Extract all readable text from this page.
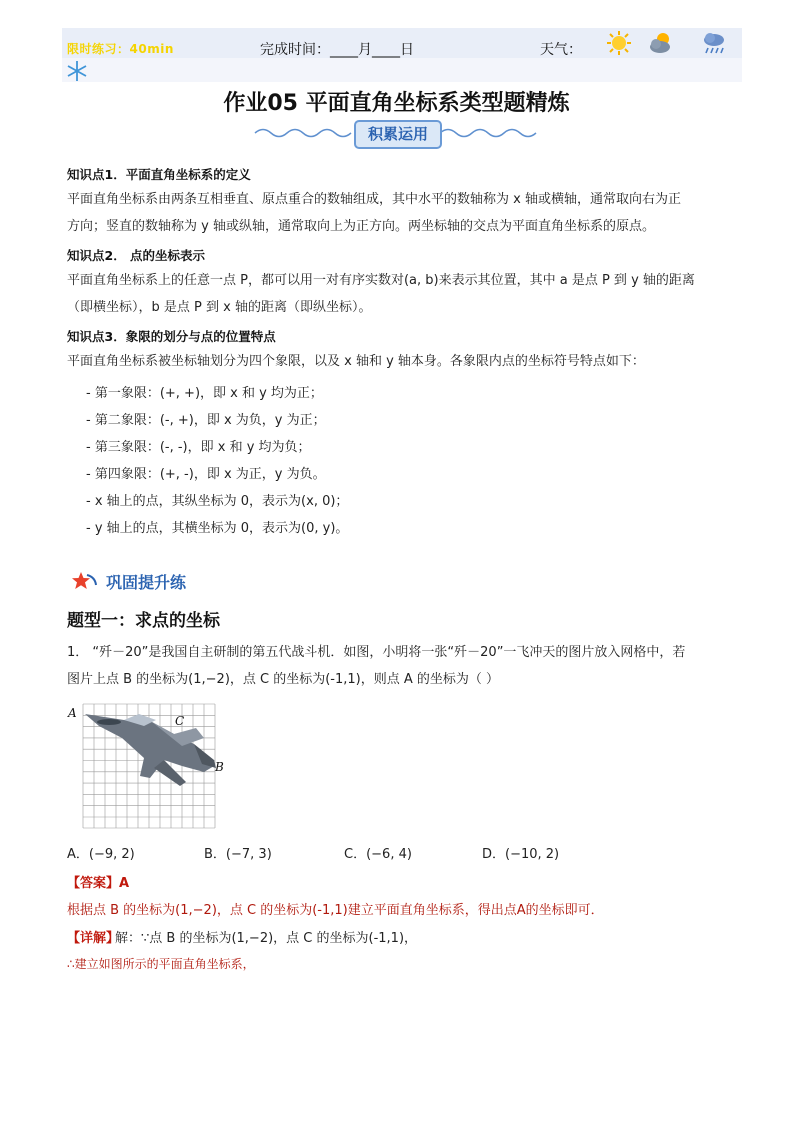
限时练习：40min	完成时间：____月____日	天气：
作业05 平面直角坐标系类型题精炼
积累运用
知识点1．平面直角坐标系的定义
平面直角坐标系由两条互相垂直、原点重合的数轴组成，其中水平的数轴称为 x 轴或横轴，通常取向右为正
方向；竖直的数轴称为 y 轴或纵轴，通常取向上为正方向。两坐标轴的交点为平面直角坐标系的原点。
知识点2． 点的坐标表示
平面直角坐标系上的任意一点 P，都可以用一对有序实数对(a, b)来表示其位置，其中 a 是点 P 到 y 轴的距离
（即横坐标），b 是点 P 到 x 轴的距离（即纵坐标）。
知识点3．象限的划分与点的位置特点
平面直角坐标系被坐标轴划分为四个象限，以及 x 轴和 y 轴本身。各象限内点的坐标符号特点如下：
- 第一象限：(+, +)，即 x 和 y 均为正；
- 第二象限：(-, +)，即 x 为负，y 为正；
- 第三象限：(-, -)，即 x 和 y 均为负；
- 第四象限：(+, -)，即 x 为正，y 为负。
- x 轴上的点，其纵坐标为 0，表示为(x, 0)；
- y 轴上的点，其横坐标为 0，表示为(0, y)。
巩固提升练
题型一：求点的坐标
1． “歼－20”是我国自主研制的第五代战斗机．如图，小明将一张“歼－20”一飞冲天的图片放入网格中，若
图片上点 B 的坐标为(1,−2)，点 C 的坐标为(-1,1)，则点 A 的坐标为（ ）
A
C
B
A．(−9, 2)	B．(−7, 3)	C．(−6, 4)	D．(−10, 2)
【答案】A
根据点 B 的坐标为(1,−2)，点 C 的坐标为(-1,1)建立平面直角坐标系，得出点A的坐标即可．
【详解】
解：∵点 B 的坐标为(1,−2)，点 C 的坐标为(-1,1)，
∴建立如图所示的平面直角坐标系，
